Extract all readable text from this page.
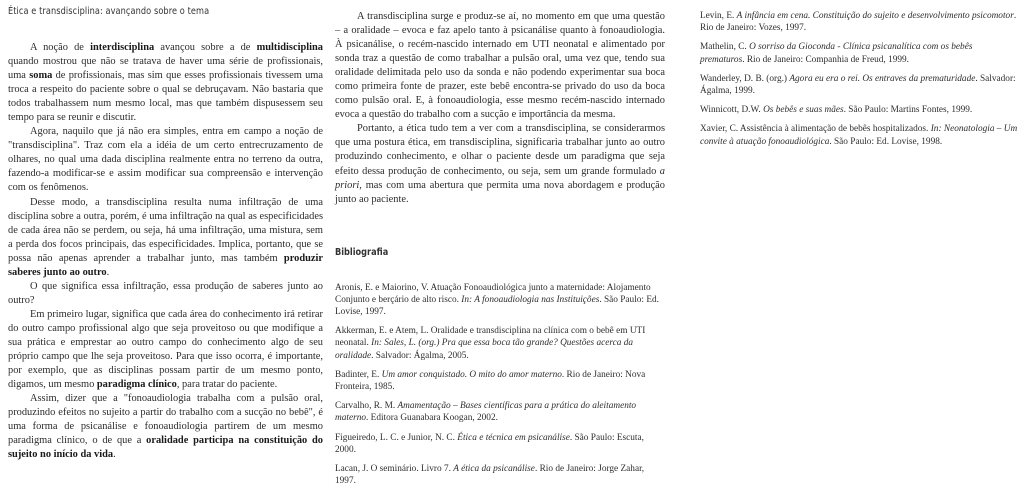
Ética e transdisciplina: avançando sobre o tema

A noção de interdisciplina avançou sobre a de multidisciplina quando mostrou que não se tratava de haver uma série de profissionais, uma soma de profissionais, mas sim que esses profissionais tivessem uma troca a respeito do paciente sobre o qual se debruçavam. Não bastaria que todos trabalhassem num mesmo local, mas que também dispusessem seu tempo para se reunir e discutir.

Agora, naquilo que já não era simples, entra em campo a noção de "transdisciplina". Traz com ela a idéia de um certo entrecruzamento de olhares, no qual uma dada disciplina realmente entra no terreno da outra, fazendo-a modificar-se e assim modificar sua compreensão e intervenção com os fenômenos.

Desse modo, a transdisciplina resulta numa infiltração de uma disciplina sobre a outra, porém, é uma infiltração na qual as especificidades de cada área não se perdem, ou seja, há uma infiltração, uma mistura, sem a perda dos focos principais, das especificidades. Implica, portanto, que se possa não apenas aprender a trabalhar junto, mas também produzir saberes junto ao outro.

O que significa essa infiltração, essa produção de saberes junto ao outro?

Em primeiro lugar, significa que cada área do conhecimento irá retirar do outro campo profissional algo que seja proveitoso ou que modifique a sua prática e emprestar ao outro campo do conhecimento algo de seu próprio campo que lhe seja proveitoso. Para que isso ocorra, é importante, por exemplo, que as disciplinas possam partir de um mesmo ponto, digamos, um mesmo paradigma clínico, para tratar do paciente.

Assim, dizer que a "fonoaudiologia trabalha com a pulsão oral, produzindo efeitos no sujeito a partir do trabalho com a sucção no bebê", é uma forma de psicanálise e fonoaudiologia partirem de um mesmo paradigma clínico, o de que a oralidade participa na constituição do sujeito no início da vida.

A transdisciplina surge e produz-se aí, no momento em que uma questão – a oralidade – evoca e faz apelo tanto à psicanálise quanto à fonoaudiologia. À psicanálise, o recém-nascido internado em UTI neonatal e alimentado por sonda traz a questão de como trabalhar a pulsão oral, uma vez que, tendo sua oralidade delimitada pelo uso da sonda e não podendo experimentar sua boca como primeira fonte de prazer, este bebê encontra-se privado do uso da boca como pulsão oral. E, à fonoaudiologia, esse mesmo recém-nascido internado evoca a questão do trabalho com a sucção e importância da mesma.

Portanto, a ética tudo tem a ver com a transdisciplina, se considerarmos que uma postura ética, em transdisciplina, significaria trabalhar junto ao outro produzindo conhecimento, e olhar o paciente desde um paradigma que seja efeito dessa produção de conhecimento, ou seja, sem um grande formulado a priori, mas com uma abertura que permita uma nova abordagem e produção junto ao paciente.

Bibliografia

Aronis, E. e Maiorino, V. Atuação Fonoaudiológica junto a maternidade: Alojamento Conjunto e berçário de alto risco. In: A fonoaudiologia nas Instituições. São Paulo: Ed. Lovise, 1997.

Akkerman, E. e Atem, L. Oralidade e transdisciplina na clínica com o bebê em UTI neonatal. In: Sales, L. (org.) Pra que essa boca tão grande? Questões acerca da oralidade. Salvador: Ágalma, 2005.

Badinter, E. Um amor conquistado. O mito do amor materno. Rio de Janeiro: Nova Fronteira, 1985.

Carvalho, R. M. Amamentação – Bases científicas para a prática do aleitamento materno. Editora Guanabara Koogan, 2002.

Figueiredo, L. C. e Junior, N. C. Ética e técnica em psicanálise. São Paulo: Escuta, 2000.

Lacan, J. O seminário. Livro 7. A ética da psicanálise. Rio de Janeiro: Jorge Zahar, 1997.

Levin, E. A infância em cena. Constituição do sujeito e desenvolvimento psicomotor. Rio de Janeiro: Vozes, 1997.

Mathelin, C. O sorriso da Gioconda - Clínica psicanalítica com os bebês prematuros. Rio de Janeiro: Companhia de Freud, 1999.

Wanderley, D. B. (org.) Agora eu era o rei. Os entraves da prematuridade. Salvador: Ágalma, 1999.

Winnicott, D.W. Os bebês e suas mães. São Paulo: Martins Fontes, 1999.

Xavier, C. Assistência à alimentação de bebês hospitalizados. In: Neonatologia – Um convite à atuação fonoaudiológica. São Paulo: Ed. Lovise, 1998.
